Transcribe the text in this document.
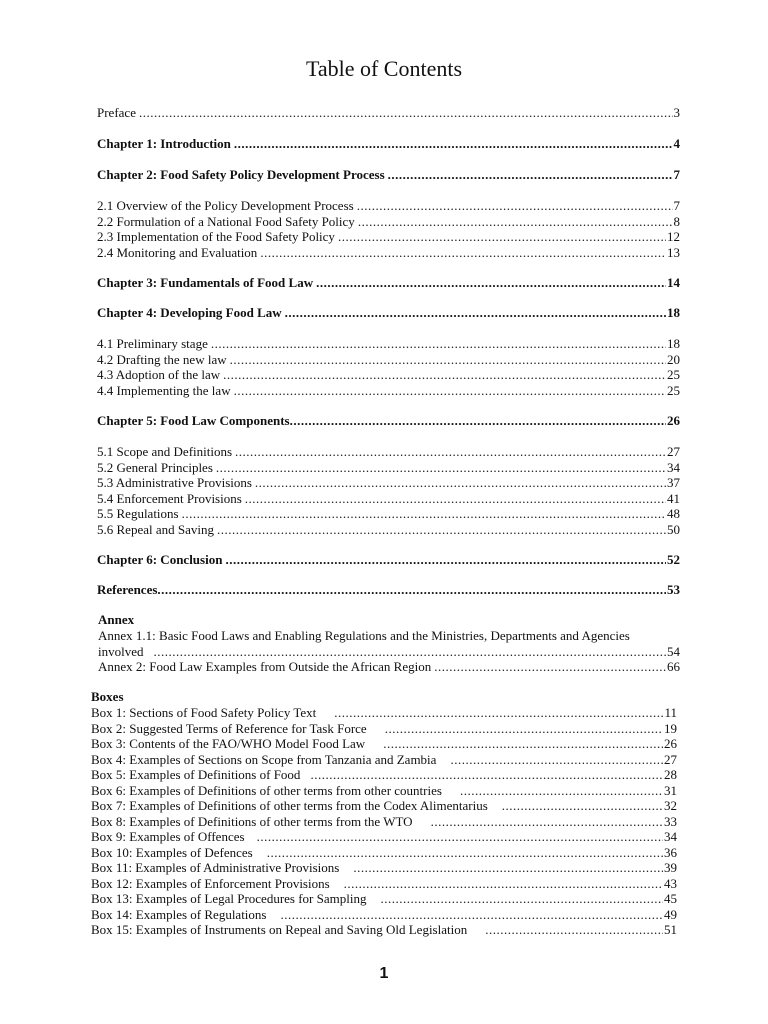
Table of Contents
Preface .....	3
Chapter 1: Introduction .....	4
Chapter 2: Food Safety Policy Development Process .....	7
2.1 Overview of the Policy Development Process .....	7
2.2 Formulation of a National Food Safety Policy .....	8
2.3 Implementation of the Food Safety Policy .....	12
2.4 Monitoring and Evaluation .....	13
Chapter 3: Fundamentals of Food Law .....	14
Chapter 4: Developing Food Law .....	18
4.1 Preliminary stage .....	18
4.2 Drafting the new law .....	20
4.3 Adoption of the law .....	25
4.4 Implementing the law .....	25
Chapter 5: Food Law Components .....	26
5.1 Scope and Definitions .....	27
5.2 General Principles .....	34
5.3 Administrative Provisions .....	37
5.4 Enforcement Provisions .....	41
5.5 Regulations .....	48
5.6 Repeal and Saving .....	50
Chapter 6: Conclusion .....	52
References .....	53
Annex
Annex 1.1: Basic Food Laws and Enabling Regulations and the Ministries, Departments and Agencies
involved .....	54
Annex 2: Food Law Examples from Outside the African Region .....	66
Boxes
Box 1: Sections of Food Safety Policy Text .....	11
Box 2: Suggested Terms of Reference for Task Force .....	19
Box 3: Contents of the FAO/WHO Model Food Law .....	26
Box 4: Examples of Sections on Scope from Tanzania and Zambia .....	27
Box 5: Examples of Definitions of Food .....	28
Box 6: Examples of Definitions of other terms from other countries .....	31
Box 7: Examples of Definitions of other terms from the Codex Alimentarius .....	32
Box 8: Examples of Definitions of other terms from the WTO .....	33
Box 9: Examples of Offences .....	34
Box 10: Examples of Defences .....	36
Box 11: Examples of Administrative Provisions .....	39
Box 12: Examples of Enforcement Provisions .....	43
Box 13: Examples of Legal Procedures for Sampling .....	45
Box 14: Examples of Regulations .....	49
Box 15: Examples of Instruments on Repeal and Saving Old Legislation .....	51
1
